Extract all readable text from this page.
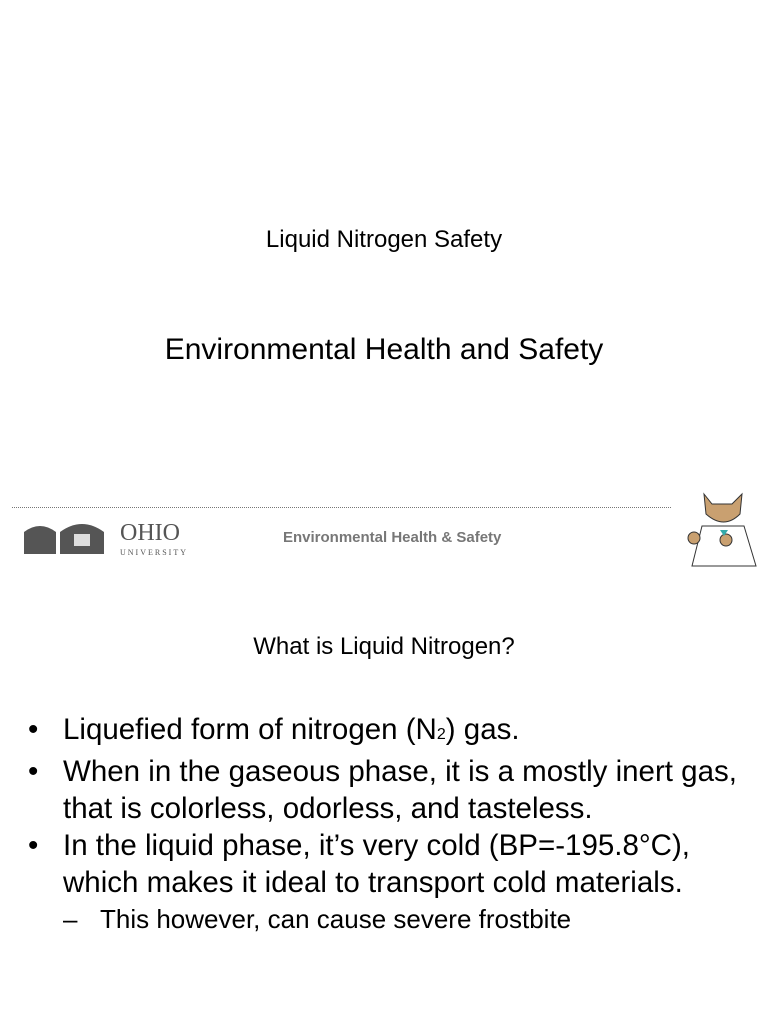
Liquid Nitrogen Safety
Environmental Health and Safety
OHIO
UNIVERSITY
Environmental Health & Safety
What is Liquid Nitrogen?
• Liquefied form of nitrogen (N2) gas.
• When in the gaseous phase, it is a mostly inert gas, that is colorless, odorless, and tasteless.
• In the liquid phase, it’s very cold (BP=-195.8°C), which makes it ideal to transport cold materials.
– This however, can cause severe frostbite
